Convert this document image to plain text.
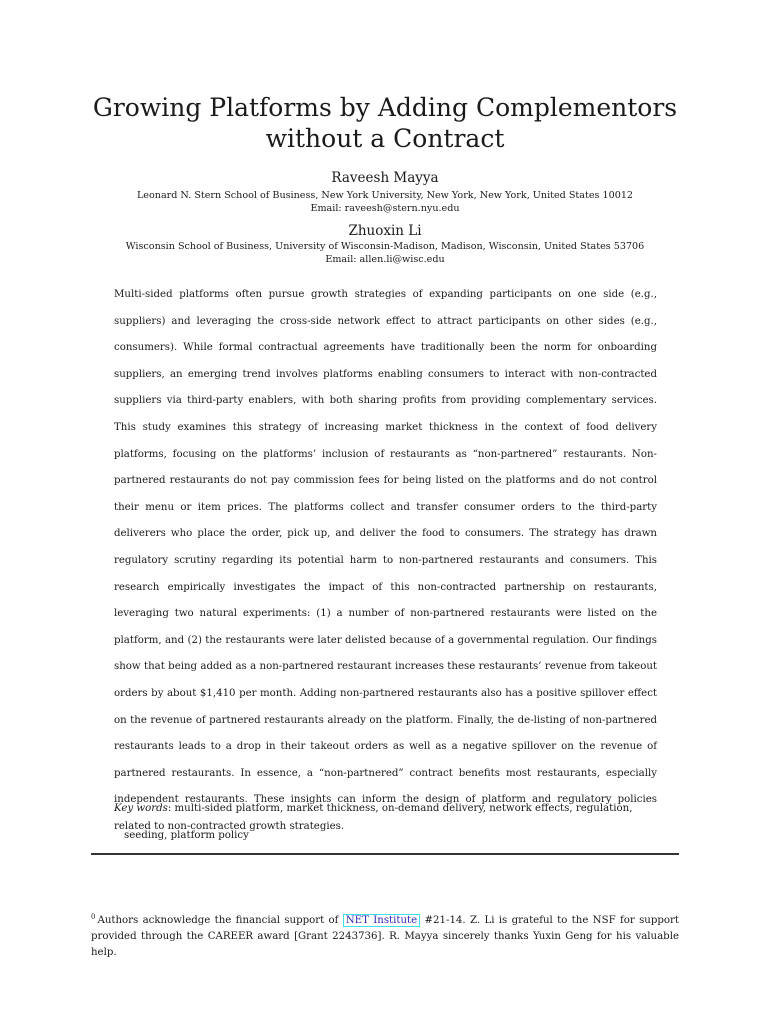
Growing Platforms by Adding Complementors
without a Contract
Raveesh Mayya
Leonard N. Stern School of Business, New York University, New York, New York, United States 10012
Email: raveesh@stern.nyu.edu
Zhuoxin Li
Wisconsin School of Business, University of Wisconsin-Madison, Madison, Wisconsin, United States 53706
Email: allen.li@wisc.edu

Multi-sided platforms often pursue growth strategies of expanding participants on one side (e.g., suppliers) and leveraging the cross-side network effect to attract participants on other sides (e.g., consumers). While formal contractual agreements have traditionally been the norm for onboarding suppliers, an emerging trend involves platforms enabling consumers to interact with non-contracted suppliers via third-party enablers, with both sharing profits from providing complementary services. This study examines this strategy of increasing market thickness in the context of food delivery platforms, focusing on the platforms’ inclusion of restaurants as “non-partnered” restaurants. Non-partnered restaurants do not pay commission fees for being listed on the platforms and do not control their menu or item prices. The platforms collect and transfer consumer orders to the third-party deliverers who place the order, pick up, and deliver the food to consumers. The strategy has drawn regulatory scrutiny regarding its potential harm to non-partnered restaurants and consumers. This research empirically investigates the impact of this non-contracted partnership on restaurants, leveraging two natural experiments: (1) a number of non-partnered restaurants were listed on the platform, and (2) the restaurants were later delisted because of a governmental regulation. Our findings show that being added as a non-partnered restaurant increases these restaurants’ revenue from takeout orders by about $1,410 per month. Adding non-partnered restaurants also has a positive spillover effect on the revenue of partnered restaurants already on the platform. Finally, the de-listing of non-partnered restaurants leads to a drop in their takeout orders as well as a negative spillover on the revenue of partnered restaurants. In essence, a “non-partnered” contract benefits most restaurants, especially independent restaurants. These insights can inform the design of platform and regulatory policies related to non-contracted growth strategies.

Key words: multi-sided platform, market thickness, on-demand delivery, network effects, regulation,
seeding, platform policy
$^0$ Authors acknowledge the financial support of NET Institute #21-14. Z. Li is grateful to the NSF for support provided through the CAREER award [Grant 2243736]. R. Mayya sincerely thanks Yuxin Geng for his valuable help.
